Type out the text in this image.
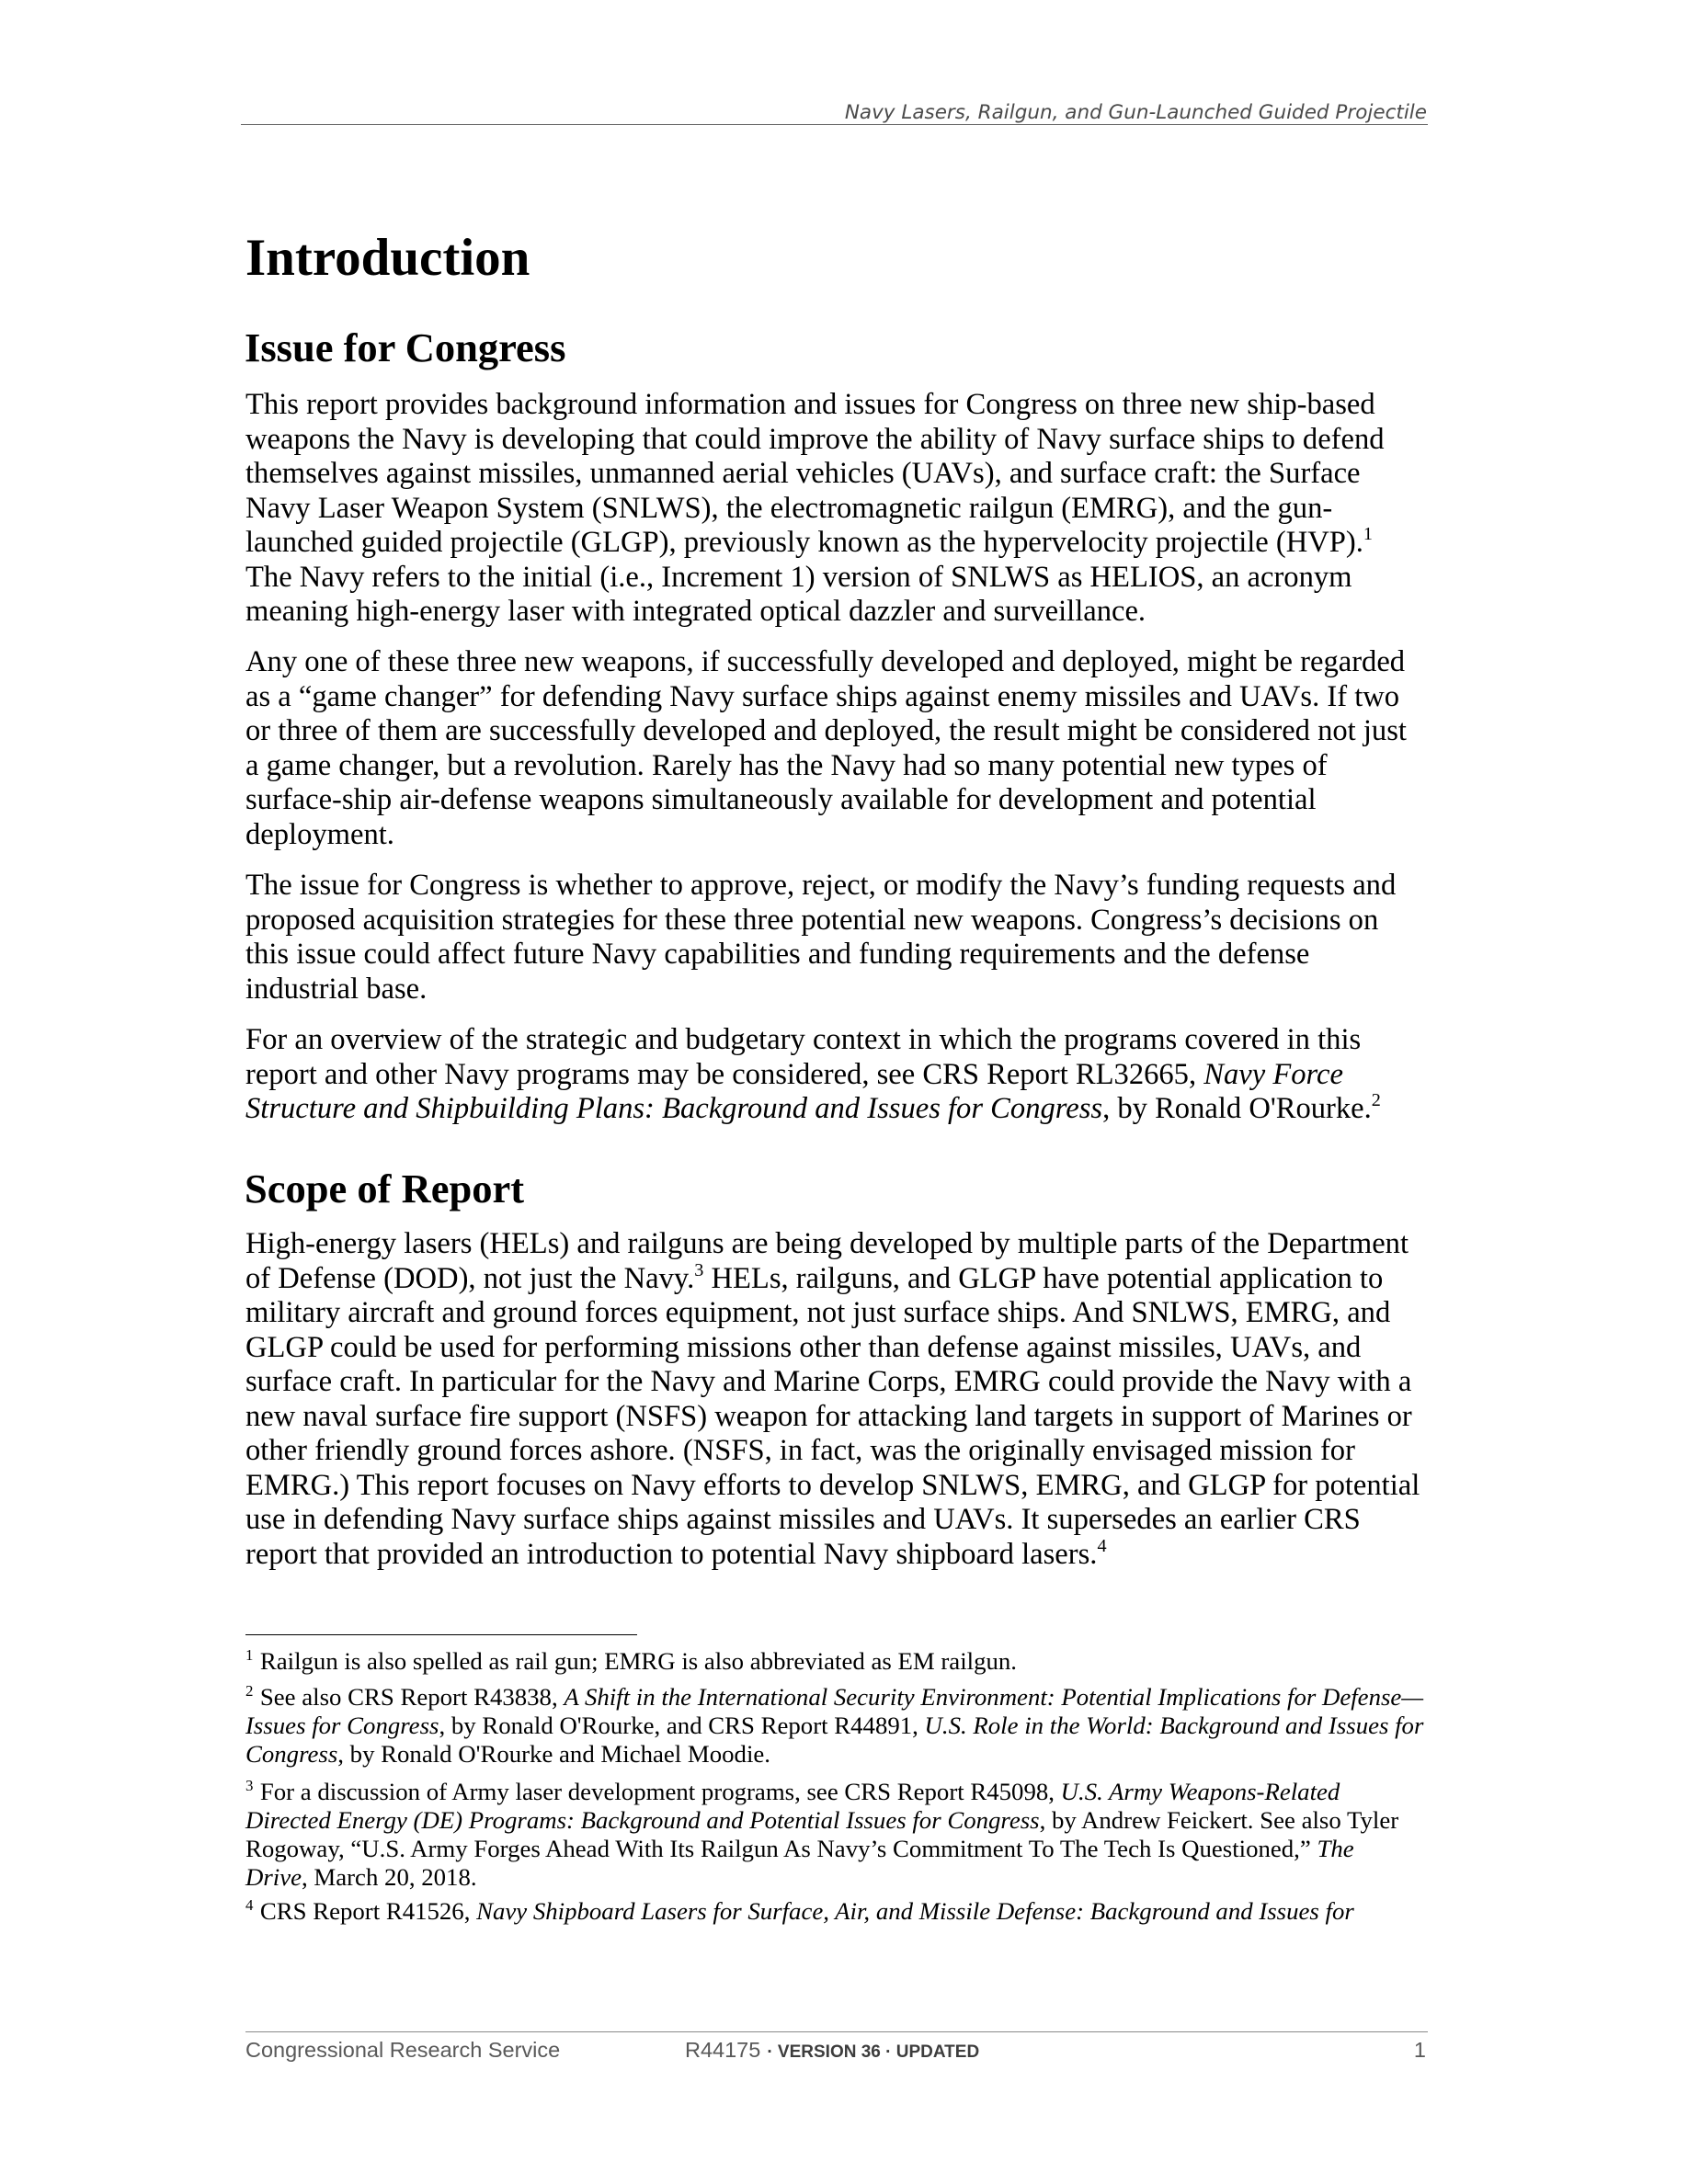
Navy Lasers, Railgun, and Gun-Launched Guided Projectile
Introduction
Issue for Congress
This report provides background information and issues for Congress on three new ship-based
weapons the Navy is developing that could improve the ability of Navy surface ships to defend
themselves against missiles, unmanned aerial vehicles (UAVs), and surface craft: the Surface
Navy Laser Weapon System (SNLWS), the electromagnetic railgun (EMRG), and the gun-
launched guided projectile (GLGP), previously known as the hypervelocity projectile (HVP).$^1$
The Navy refers to the initial (i.e., Increment 1) version of SNLWS as HELIOS, an acronym
meaning high-energy laser with integrated optical dazzler and surveillance.
Any one of these three new weapons, if successfully developed and deployed, might be regarded
as a “game changer” for defending Navy surface ships against enemy missiles and UAVs. If two
or three of them are successfully developed and deployed, the result might be considered not just
a game changer, but a revolution. Rarely has the Navy had so many potential new types of
surface-ship air-defense weapons simultaneously available for development and potential
deployment.
The issue for Congress is whether to approve, reject, or modify the Navy’s funding requests and
proposed acquisition strategies for these three potential new weapons. Congress’s decisions on
this issue could affect future Navy capabilities and funding requirements and the defense
industrial base.
For an overview of the strategic and budgetary context in which the programs covered in this
report and other Navy programs may be considered, see CRS Report RL32665, Navy Force
Structure and Shipbuilding Plans: Background and Issues for Congress, by Ronald O'Rourke.$^2$
Scope of Report
High-energy lasers (HELs) and railguns are being developed by multiple parts of the Department
of Defense (DOD), not just the Navy.$^3$ HELs, railguns, and GLGP have potential application to
military aircraft and ground forces equipment, not just surface ships. And SNLWS, EMRG, and
GLGP could be used for performing missions other than defense against missiles, UAVs, and
surface craft. In particular for the Navy and Marine Corps, EMRG could provide the Navy with a
new naval surface fire support (NSFS) weapon for attacking land targets in support of Marines or
other friendly ground forces ashore. (NSFS, in fact, was the originally envisaged mission for
EMRG.) This report focuses on Navy efforts to develop SNLWS, EMRG, and GLGP for potential
use in defending Navy surface ships against missiles and UAVs. It supersedes an earlier CRS
report that provided an introduction to potential Navy shipboard lasers.$^4$
$^1$ Railgun is also spelled as rail gun; EMRG is also abbreviated as EM railgun.
$^2$ See also CRS Report R43838, A Shift in the International Security Environment: Potential Implications for Defense—
Issues for Congress, by Ronald O'Rourke, and CRS Report R44891, U.S. Role in the World: Background and Issues for
Congress, by Ronald O'Rourke and Michael Moodie.
$^3$ For a discussion of Army laser development programs, see CRS Report R45098, U.S. Army Weapons-Related
Directed Energy (DE) Programs: Background and Potential Issues for Congress, by Andrew Feickert. See also Tyler
Rogoway, “U.S. Army Forges Ahead With Its Railgun As Navy’s Commitment To The Tech Is Questioned,” The
Drive, March 20, 2018.
$^4$ CRS Report R41526, Navy Shipboard Lasers for Surface, Air, and Missile Defense: Background and Issues for
Congressional Research Service	R44175 · VERSION 36 · UPDATED	1
